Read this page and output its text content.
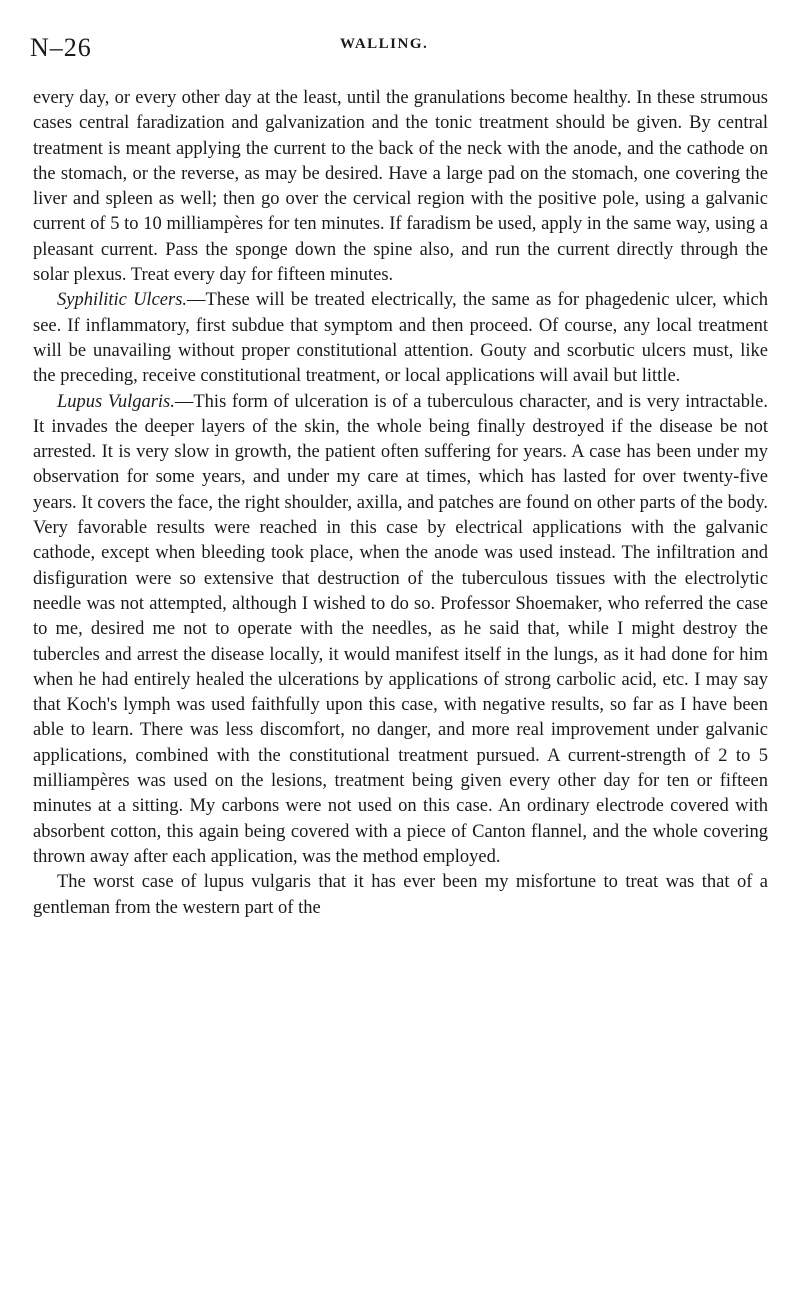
N–26	WALLING.

every day, or every other day at the least, until the granulations become healthy. In these strumous cases central faradization and galvanization and the tonic treatment should be given. By central treatment is meant applying the current to the back of the neck with the anode, and the cathode on the stomach, or the reverse, as may be desired. Have a large pad on the stomach, one covering the liver and spleen as well; then go over the cervical region with the positive pole, using a galvanic current of 5 to 10 milliampères for ten minutes. If faradism be used, apply in the same way, using a pleasant current. Pass the sponge down the spine also, and run the current directly through the solar plexus. Treat every day for fifteen minutes.

Syphilitic Ulcers.—These will be treated electrically, the same as for phagedenic ulcer, which see. If inflammatory, first subdue that symptom and then proceed. Of course, any local treatment will be unavailing without proper constitutional attention. Gouty and scorbutic ulcers must, like the preceding, receive constitutional treatment, or local applications will avail but little.

Lupus Vulgaris.—This form of ulceration is of a tuberculous character, and is very intractable. It invades the deeper layers of the skin, the whole being finally destroyed if the disease be not arrested. It is very slow in growth, the patient often suffering for years. A case has been under my observation for some years, and under my care at times, which has lasted for over twenty-five years. It covers the face, the right shoulder, axilla, and patches are found on other parts of the body. Very favorable results were reached in this case by electrical applications with the galvanic cathode, except when bleeding took place, when the anode was used instead. The infiltration and disfiguration were so extensive that destruction of the tuberculous tissues with the electrolytic needle was not attempted, although I wished to do so. Professor Shoemaker, who referred the case to me, desired me not to operate with the needles, as he said that, while I might destroy the tubercles and arrest the disease locally, it would manifest itself in the lungs, as it had done for him when he had entirely healed the ulcerations by applications of strong carbolic acid, etc. I may say that Koch's lymph was used faithfully upon this case, with negative results, so far as I have been able to learn. There was less discomfort, no danger, and more real improvement under galvanic applications, combined with the constitutional treatment pursued. A current-strength of 2 to 5 milliampères was used on the lesions, treatment being given every other day for ten or fifteen minutes at a sitting. My carbons were not used on this case. An ordinary electrode covered with absorbent cotton, this again being covered with a piece of Canton flannel, and the whole covering thrown away after each application, was the method employed.

The worst case of lupus vulgaris that it has ever been my misfortune to treat was that of a gentleman from the western part of the
